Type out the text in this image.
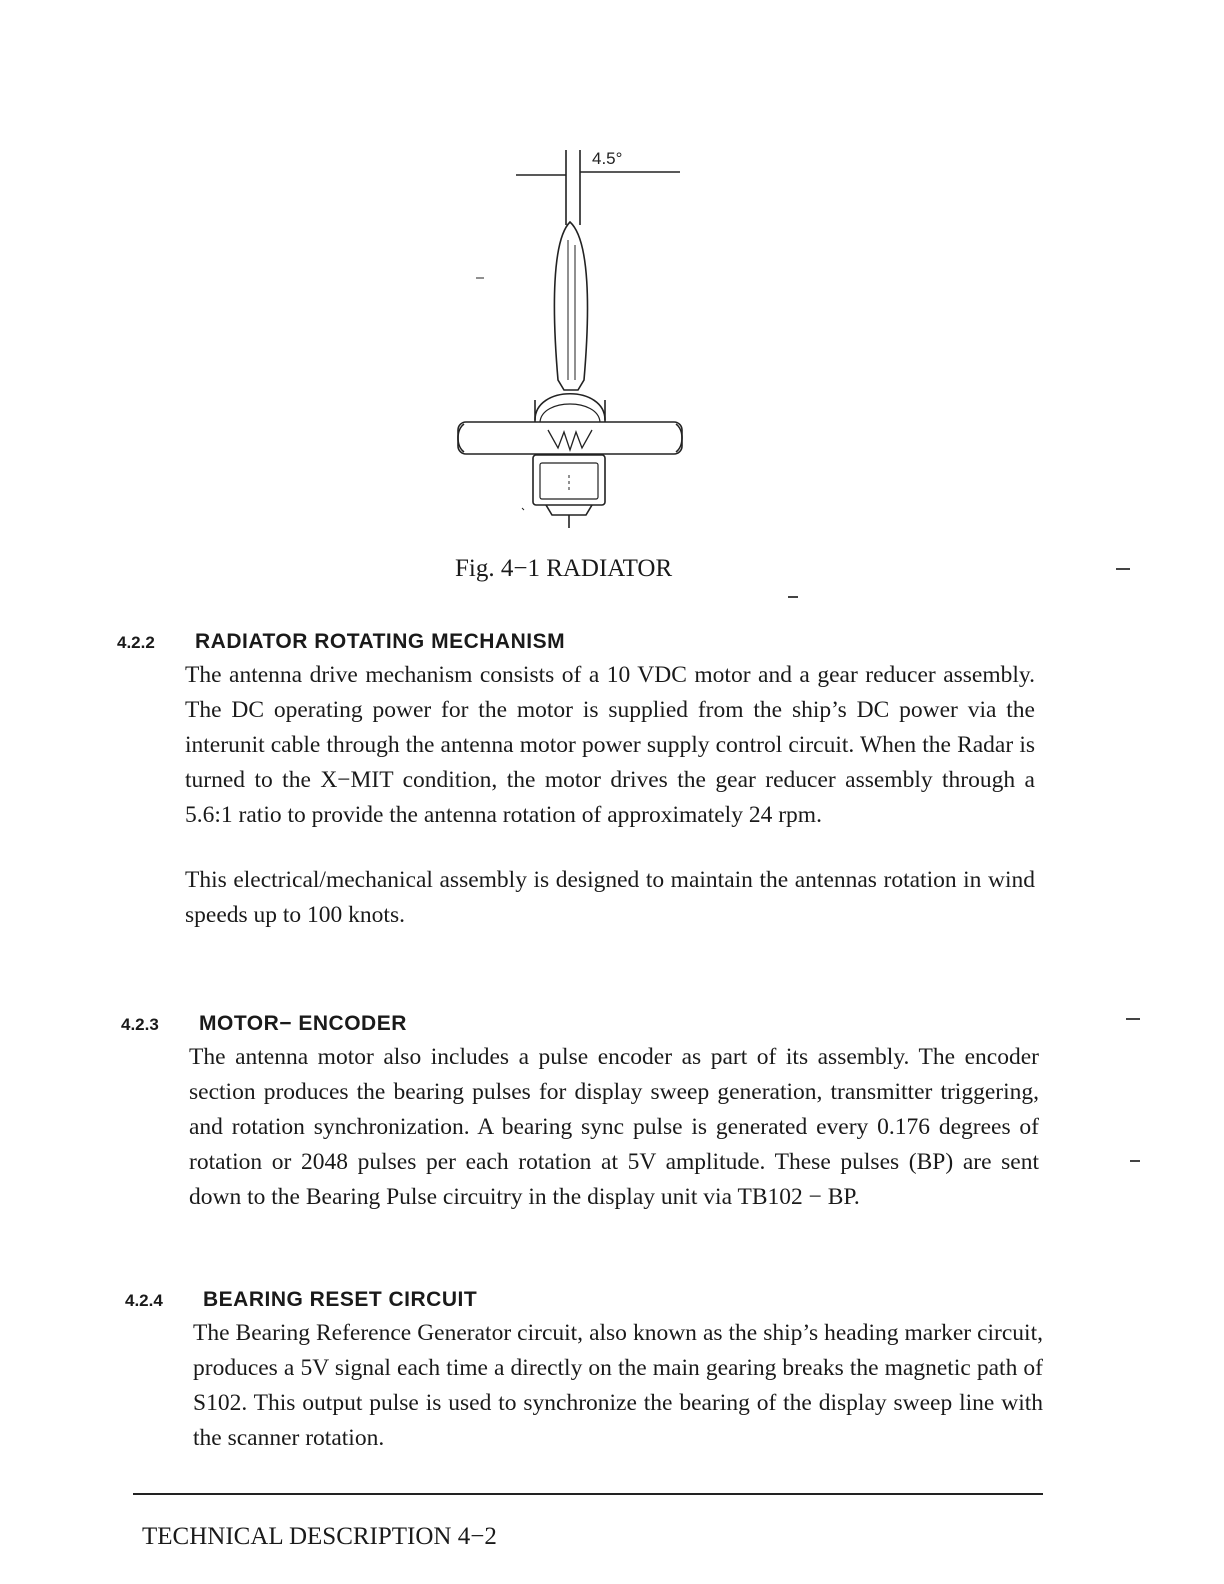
4.5°
Fig. 4−1 RADIATOR
4.2.2	RADIATOR ROTATING MECHANISM

The antenna drive mechanism consists of a 10 VDC motor and a gear reducer assembly. The DC operating power for the motor is supplied from the ship’s DC power via the interunit cable through the antenna motor power supply control circuit. When the Radar is turned to the X−MIT condition, the motor drives the gear reducer assembly through a 5.6:1 ratio to provide the antenna rotation of approximately 24 rpm.

This electrical/mechanical assembly is designed to maintain the antennas rotation in wind speeds up to 100 knots.

4.2.3	MOTOR− ENCODER

The antenna motor also includes a pulse encoder as part of its assembly. The encoder section produces the bearing pulses for display sweep generation, transmitter triggering, and rotation synchronization. A bearing sync pulse is generated every 0.176 degrees of rotation or 2048 pulses per each rotation at 5V amplitude. These pulses (BP) are sent down to the Bearing Pulse circuitry in the display unit via TB102 − BP.

4.2.4	BEARING RESET CIRCUIT

The Bearing Reference Generator circuit, also known as the ship’s heading marker circuit, produces a 5V signal each time a directly on the main gearing breaks the magnetic path of S102. This output pulse is used to synchronize the bearing of the display sweep line with the scanner rotation.

TECHNICAL DESCRIPTION 4−2
